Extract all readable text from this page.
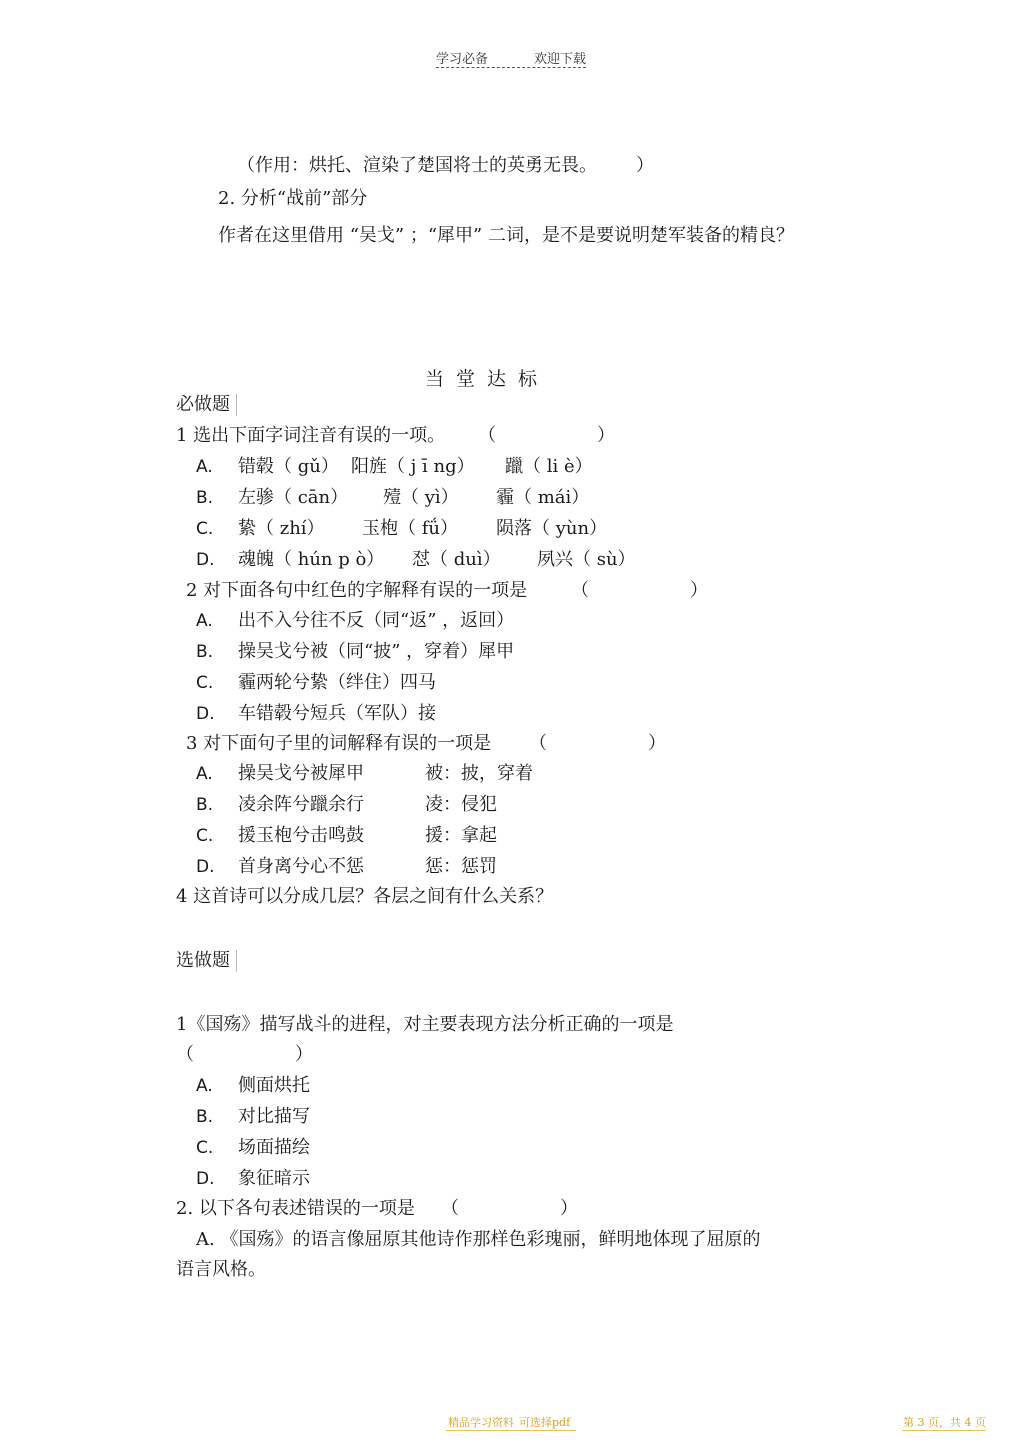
学习必备	欢迎下载
（作用：烘托、渲染了楚国将士的英勇无畏。 ）
2. 分析“战前”部分
作者在这里借用 “吴戈” ；“犀甲” 二词，是不是要说明楚军装备的精良？
当堂达标
必做题
1 选出下面字词注音有误的一项。 （	）
A. 错毂（ gǔ） 阳旌（ j ī ng） 躐（ li è）
B. 左骖（ cān） 殪（ yì） 霾（ mái）
C. 絷（ zhí） 玉枹（ fǘ） 陨落（ yùn）
D. 魂魄（ hún p ò） 怼（ duì） 夙兴（ sù）
2 对下面各句中红色的字解释有误的一项是 （	）
A. 出不入兮往不反（同“返” ，返回）
B. 操吴戈兮被（同“披” ，穿着）犀甲
C. 霾两轮兮絷（绊住）四马
D. 车错毂兮短兵（军队）接
3 对下面句子里的词解释有误的一项是 （	）
A. 操吴戈兮被犀甲	被：披，穿着
B. 凌余阵兮躐余行	凌：侵犯
C. 援玉枹兮击鸣鼓	援：拿起
D. 首身离兮心不惩	惩：惩罚
4 这首诗可以分成几层？各层之间有什么关系？
选做题
1《国殇》描写战斗的进程，对主要表现方法分析正确的一项是
（	）
A. 侧面烘托
B. 对比描写
C. 场面描绘
D. 象征暗示
2. 以下各句表述错误的一项是 （	）
A. 《国殇》的语言像屈原其他诗作那样色彩瑰丽，鲜明地体现了屈原的
语言风格。
精品学习资料 可选择pdf	第 3 页，共 4 页
